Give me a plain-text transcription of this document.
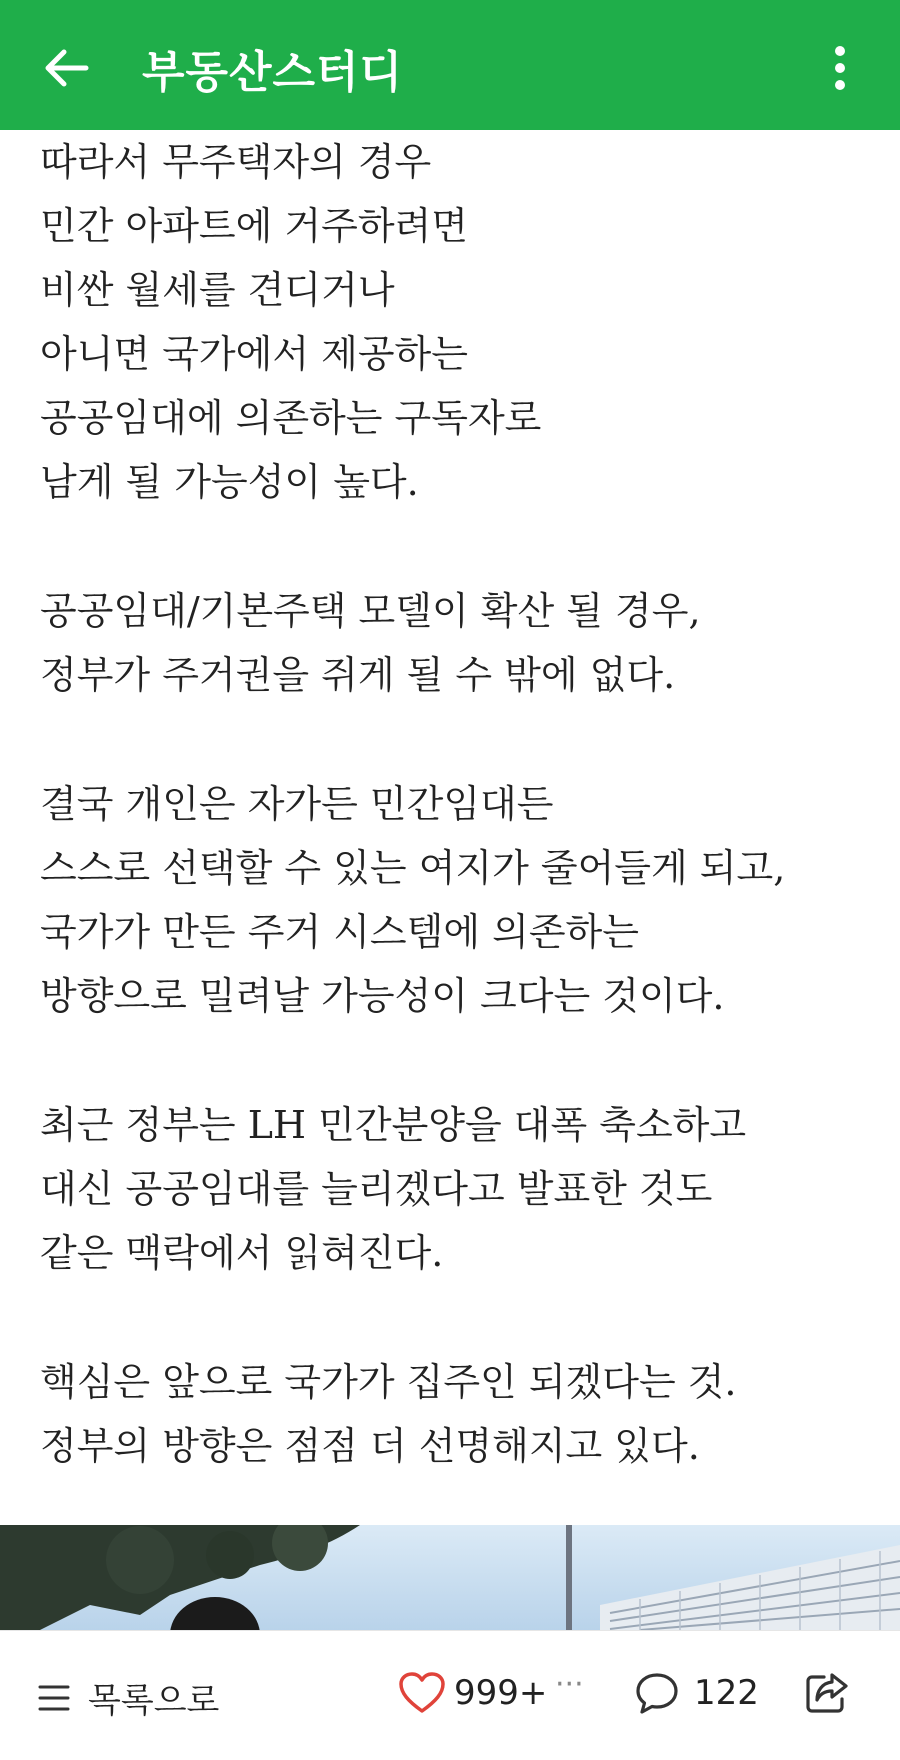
부동산스터디
따라서 무주택자의 경우
민간 아파트에 거주하려면
비싼 월세를 견디거나
아니면 국가에서 제공하는
공공임대에 의존하는 구독자로
남게 될 가능성이 높다.
공공임대/기본주택 모델이 확산 될 경우,
정부가 주거권을 쥐게 될 수 밖에 없다.
결국 개인은 자가든 민간임대든
스스로 선택할 수 있는 여지가 줄어들게 되고,
국가가 만든 주거 시스템에 의존하는
방향으로 밀려날 가능성이 크다는 것이다.
최근 정부는 LH 민간분양을 대폭 축소하고
대신 공공임대를 늘리겠다고 발표한 것도
같은 맥락에서 읽혀진다.
핵심은 앞으로 국가가 집주인 되겠다는 것.
정부의 방향은 점점 더 선명해지고 있다.
목록으로	999+ ···	122
